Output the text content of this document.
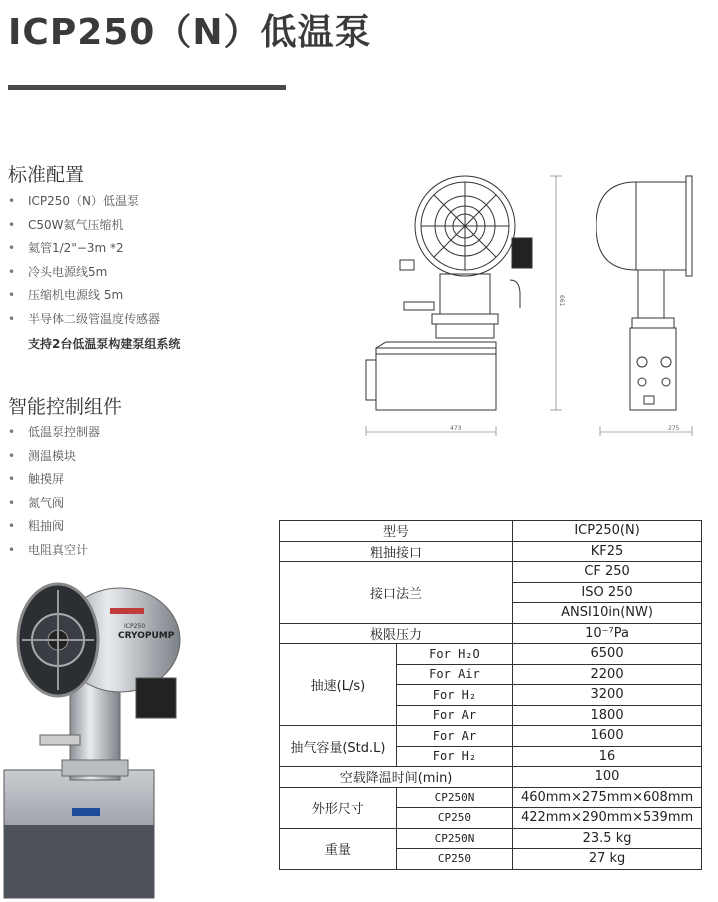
ICP250（N）低温泵
标准配置
• ICP250（N）低温泵
• C50W氦气压缩机
• 氦管1/2"−3m *2
• 冷头电源线5m
• 压缩机电源线 5m
• 半导体二级管温度传感器
支持2台低温泵构建泵组系统
智能控制组件
• 低温泵控制器
• 测温模块
• 触摸屏
• 氮气阀
• 粗抽阀
• 电阻真空计
473
661
275
ICP250
CRYOPUMP
型号		ICP250(N)
粗抽接口		KF25
接口法兰		CF 250
		ISO 250
		ANSI10in(NW)
极限压力		10⁻⁷Pa
抽速(L/s)	For H₂O	6500
	For Air	2200
	For H₂	3200
	For Ar	1800
抽气容量(Std.L)	For Ar	1600
	For H₂	16
空载降温时间(min)		100
外形尺寸	CP250N	460mm×275mm×608mm
	CP250	422mm×290mm×539mm
重量	CP250N	23.5 kg
	CP250	27 kg
